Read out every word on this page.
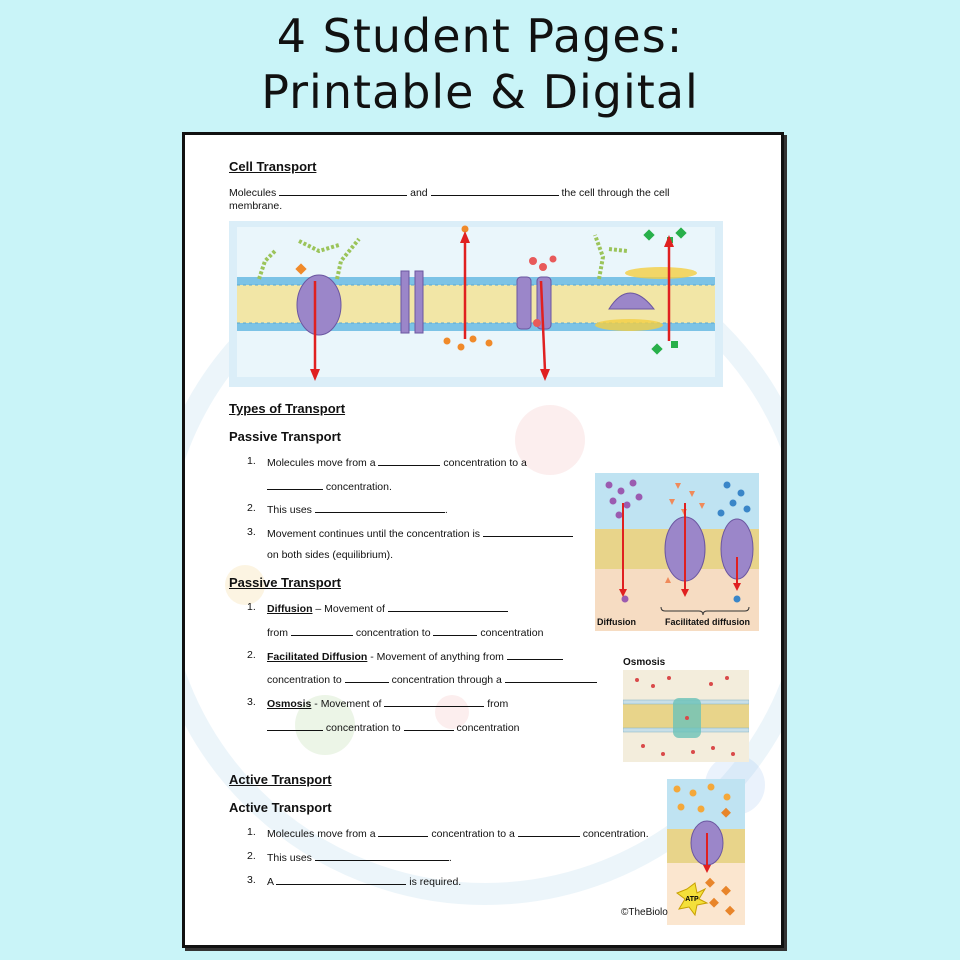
4 Student Pages:
Printable & Digital
Cell Transport
Molecules	and	the cell through the cell
membrane.
Types of Transport
Passive Transport
1. Molecules move from a	concentration to a
concentration.
2. This uses	.
3. Movement continues until the concentration is
on both sides (equilibrium).
Diffusion	Facilitated diffusion
Passive Transport
1. Diffusion – Movement of
from	concentration to	concentration
2. Facilitated Diffusion - Movement of anything from
concentration to	concentration through a
3. Osmosis - Movement of	from
concentration to	concentration
Osmosis
Active Transport
Active Transport
1. Molecules move from a	concentration to a	concentration.
2. This uses	.
3. A	is required.
ATP
©TheBiolo
